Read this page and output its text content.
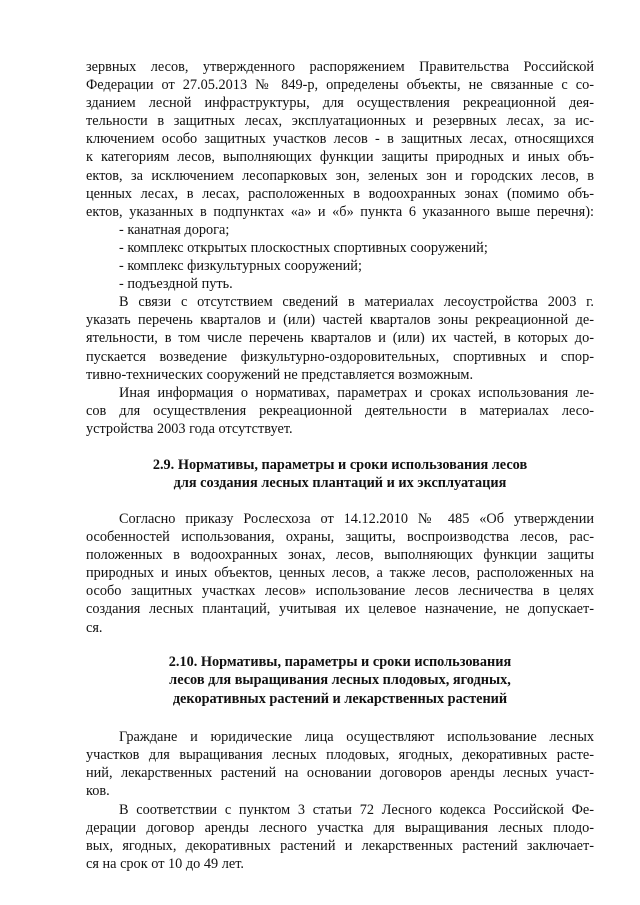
зервных лесов, утвержденного распоряжением Правительства Российской

Федерации от 27.05.2013 № 849-р, определены объекты, не связанные с со-

зданием лесной инфраструктуры, для осуществления рекреационной дея-

тельности в защитных лесах, эксплуатационных и резервных лесах, за ис-

ключением особо защитных участков лесов - в защитных лесах, относящихся

к категориям лесов, выполняющих функции защиты природных и иных объ-

ектов, за исключением лесопарковых зон, зеленых зон и городских лесов, в

ценных лесах, в лесах, расположенных в водоохранных зонах (помимо объ-

ектов, указанных в подпунктах «а» и «б» пункта 6 указанного выше перечня):

- канатная дорога;

- комплекс открытых плоскостных спортивных сооружений;

- комплекс физкультурных сооружений;

- подъездной путь.

В связи с отсутствием сведений в материалах лесоустройства 2003 г.

указать перечень кварталов и (или) частей кварталов зоны рекреационной де-

ятельности, в том числе перечень кварталов и (или) их частей, в которых до-

пускается возведение физкультурно-оздоровительных, спортивных и спор-

тивно-технических сооружений не представляется возможным.

Иная информация о нормативах, параметрах и сроках использования ле-

сов для осуществления рекреационной деятельности в материалах лесо-

устройства 2003 года отсутствует.

2.9. Нормативы, параметры и сроки использования лесов

для создания лесных плантаций и их эксплуатация

Согласно приказу Рослесхоза от 14.12.2010 № 485 «Об утверждении

особенностей использования, охраны, защиты, воспроизводства лесов, рас-

положенных в водоохранных зонах, лесов, выполняющих функции защиты

природных и иных объектов, ценных лесов, а также лесов, расположенных на

особо защитных участках лесов» использование лесов лесничества в целях

создания лесных плантаций, учитывая их целевое назначение, не допускает-

ся.

2.10. Нормативы, параметры и сроки использования

лесов для выращивания лесных плодовых, ягодных,

декоративных растений и лекарственных растений

Граждане и юридические лица осуществляют использование лесных

участков для выращивания лесных плодовых, ягодных, декоративных расте-

ний, лекарственных растений на основании договоров аренды лесных участ-

ков.

В соответствии с пунктом 3 статьи 72 Лесного кодекса Российской Фе-

дерации договор аренды лесного участка для выращивания лесных плодо-

вых, ягодных, декоративных растений и лекарственных растений заключает-

ся на срок от 10 до 49 лет.
